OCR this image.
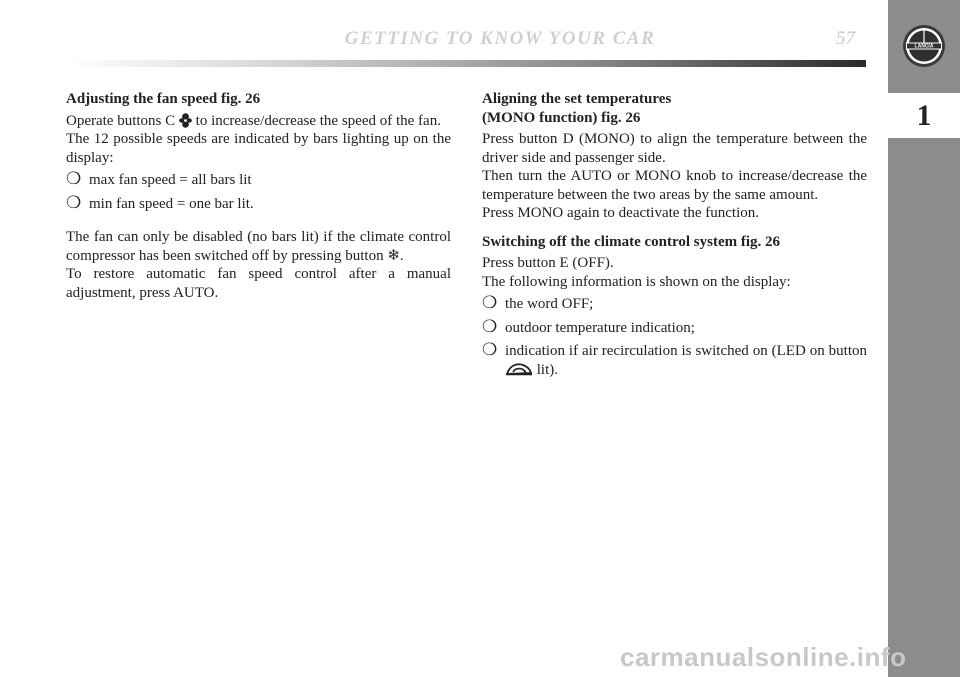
1
LANCIA
GETTING TO KNOW YOUR CAR	57
Adjusting the fan speed fig. 26

Operate buttons C  to increase/decrease the speed of the fan.

The 12 possible speeds are indicated by bars lighting up on the display:

❍ max fan speed = all bars lit
❍ min fan speed = one bar lit.

The fan can only be disabled (no bars lit) if the climate control compressor has been switched off by pressing button ❄.

To restore automatic fan speed control after a manual adjustment, press AUTO.

Aligning the set temperatures
(MONO function) fig. 26

Press button D (MONO) to align the temperature between the driver side and passenger side.

Then turn the AUTO or MONO knob to increase/decrease the temperature between the two areas by the same amount.

Press MONO again to deactivate the function.

Switching off the climate control system fig. 26

Press button E (OFF).

The following information is shown on the display:

❍ the word OFF;
❍ outdoor temperature indication;
❍ indication if air recirculation is switched on (LED on button  lit).
carmanualsonline.info
